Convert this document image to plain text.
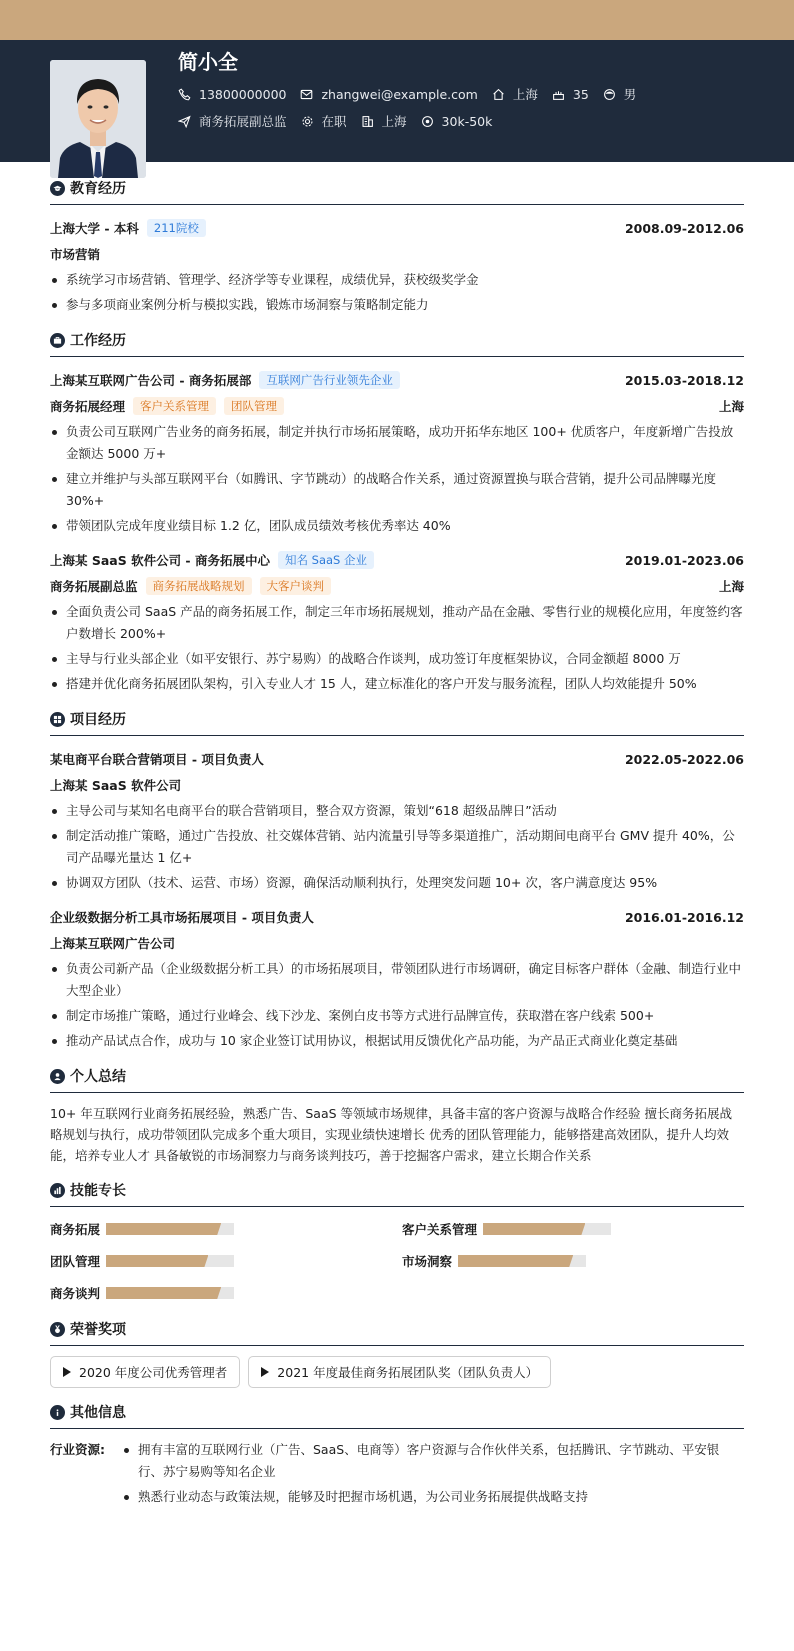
简小全
13800000000	zhangwei@example.com	上海	35	男
商务拓展副总监	在职	上海	30k-50k
教育经历
上海大学 - 本科	211院校	2008.09-2012.06
市场营销
系统学习市场营销、管理学、经济学等专业课程，成绩优异，获校级奖学金
参与多项商业案例分析与模拟实践，锻炼市场洞察与策略制定能力
工作经历
上海某互联网广告公司 - 商务拓展部	互联网广告行业领先企业	2015.03-2018.12
商务拓展经理	客户关系管理	团队管理	上海
负责公司互联网广告业务的商务拓展，制定并执行市场拓展策略，成功开拓华东地区 100+ 优质客户，年度新增广告投放金额达 5000 万+
建立并维护与头部互联网平台（如腾讯、字节跳动）的战略合作关系，通过资源置换与联合营销，提升公司品牌曝光度 30%+
带领团队完成年度业绩目标 1.2 亿，团队成员绩效考核优秀率达 40%
上海某 SaaS 软件公司 - 商务拓展中心	知名 SaaS 企业	2019.01-2023.06
商务拓展副总监	商务拓展战略规划	大客户谈判	上海
全面负责公司 SaaS 产品的商务拓展工作，制定三年市场拓展规划，推动产品在金融、零售行业的规模化应用，年度签约客户数增长 200%+
主导与行业头部企业（如平安银行、苏宁易购）的战略合作谈判，成功签订年度框架协议，合同金额超 8000 万
搭建并优化商务拓展团队架构，引入专业人才 15 人，建立标准化的客户开发与服务流程，团队人均效能提升 50%
项目经历
某电商平台联合营销项目 - 项目负责人	2022.05-2022.06
上海某 SaaS 软件公司
主导公司与某知名电商平台的联合营销项目，整合双方资源，策划“618 超级品牌日”活动
制定活动推广策略，通过广告投放、社交媒体营销、站内流量引导等多渠道推广，活动期间电商平台 GMV 提升 40%，公司产品曝光量达 1 亿+
协调双方团队（技术、运营、市场）资源，确保活动顺利执行，处理突发问题 10+ 次，客户满意度达 95%
企业级数据分析工具市场拓展项目 - 项目负责人	2016.01-2016.12
上海某互联网广告公司
负责公司新产品（企业级数据分析工具）的市场拓展项目，带领团队进行市场调研，确定目标客户群体（金融、制造行业中大型企业）
制定市场推广策略，通过行业峰会、线下沙龙、案例白皮书等方式进行品牌宣传，获取潜在客户线索 500+
推动产品试点合作，成功与 10 家企业签订试用协议，根据试用反馈优化产品功能，为产品正式商业化奠定基础
个人总结

10+ 年互联网行业商务拓展经验，熟悉广告、SaaS 等领域市场规律，具备丰富的客户资源与战略合作经验 擅长商务拓展战略规划与执行，成功带领团队完成多个重大项目，实现业绩快速增长 优秀的团队管理能力，能够搭建高效团队，提升人均效能，培养专业人才 具备敏锐的市场洞察力与商务谈判技巧，善于挖掘客户需求，建立长期合作关系

技能专长
商务拓展	客户关系管理
团队管理	市场洞察
商务谈判
荣誉奖项
2020 年度公司优秀管理者	2021 年度最佳商务拓展团队奖（团队负责人）
其他信息
行业资源:	拥有丰富的互联网行业（广告、SaaS、电商等）客户资源与合作伙伴关系，包括腾讯、字节跳动、平安银行、苏宁易购等知名企业
熟悉行业动态与政策法规，能够及时把握市场机遇，为公司业务拓展提供战略支持
